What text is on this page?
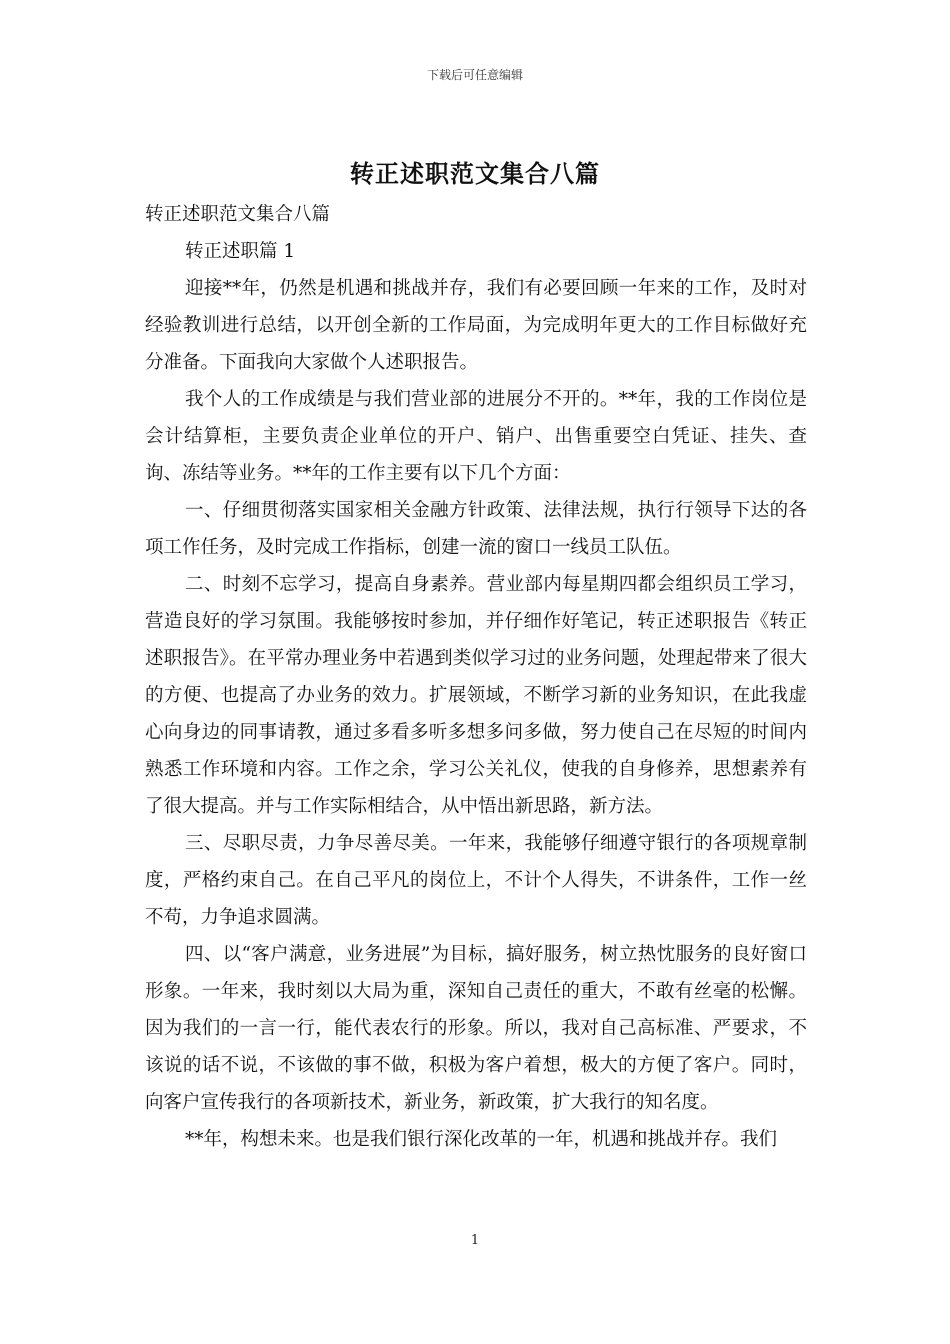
下载后可任意编辑
转正述职范文集合八篇

转正述职范文集合八篇

转正述职篇 1

迎接**年，仍然是机遇和挑战并存，我们有必要回顾一年来的工作，及时对经验教训进行总结，以开创全新的工作局面，为完成明年更大的工作目标做好充分准备。下面我向大家做个人述职报告。

我个人的工作成绩是与我们营业部的进展分不开的。**年，我的工作岗位是会计结算柜，主要负责企业单位的开户、销户、出售重要空白凭证、挂失、查询、冻结等业务。**年的工作主要有以下几个方面：

一、仔细贯彻落实国家相关金融方针政策、法律法规，执行行领导下达的各项工作任务，及时完成工作指标，创建一流的窗口一线员工队伍。

二、时刻不忘学习，提高自身素养。营业部内每星期四都会组织员工学习，营造良好的学习氛围。我能够按时参加，并仔细作好笔记，转正述职报告《转正述职报告》。在平常办理业务中若遇到类似学习过的业务问题，处理起带来了很大的方便、也提高了办业务的效力。扩展领域，不断学习新的业务知识，在此我虚心向身边的同事请教，通过多看多听多想多问多做，努力使自己在尽短的时间内熟悉工作环境和内容。工作之余，学习公关礼仪，使我的自身修养，思想素养有了很大提高。并与工作实际相结合，从中悟出新思路，新方法。

三、尽职尽责，力争尽善尽美。一年来，我能够仔细遵守银行的各项规章制度，严格约束自己。在自己平凡的岗位上，不计个人得失，不讲条件，工作一丝不苟，力争追求圆满。

四、以“客户满意，业务进展”为目标，搞好服务，树立热忱服务的良好窗口形象。一年来，我时刻以大局为重，深知自己责任的重大，不敢有丝毫的松懈。因为我们的一言一行，能代表农行的形象。所以，我对自己高标准、严要求，不该说的话不说，不该做的事不做，积极为客户着想，极大的方便了客户。同时，向客户宣传我行的各项新技术，新业务，新政策，扩大我行的知名度。

**年，构想未来。也是我们银行深化改革的一年，机遇和挑战并存。我们

1
